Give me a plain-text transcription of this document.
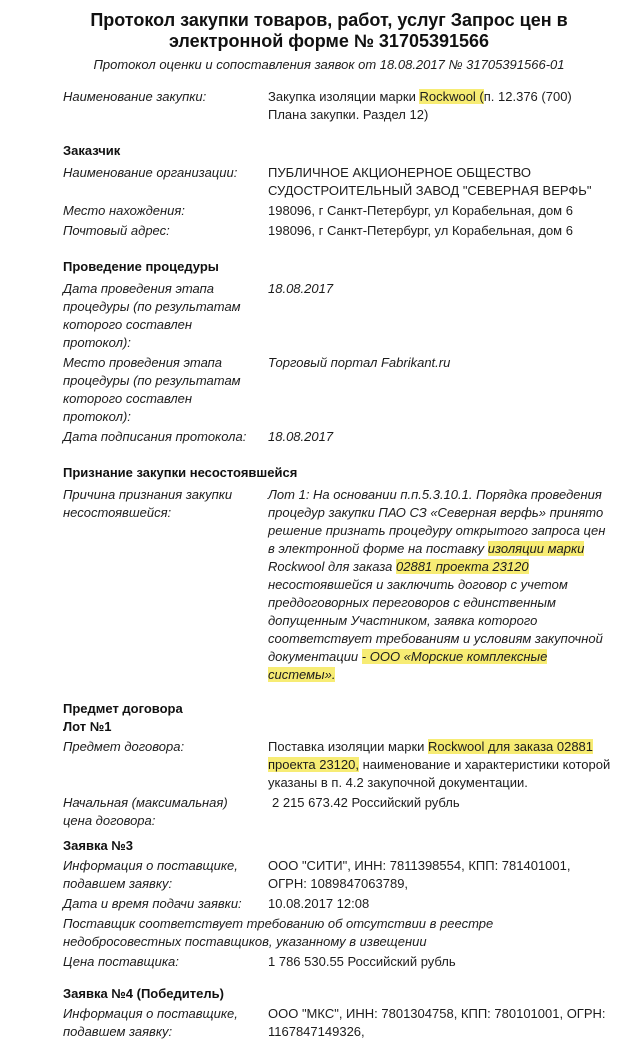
Протокол закупки товаров, работ, услуг Запрос цен в электронной форме № 31705391566
Протокол оценки и сопоставления заявок от 18.08.2017 № 31705391566-01
Наименование закупки:	Закупка изоляции марки Rockwool (п. 12.376 (700) Плана закупки. Раздел 12)
Заказчик
Наименование организации:	ПУБЛИЧНОЕ АКЦИОНЕРНОЕ ОБЩЕСТВО СУДОСТРОИТЕЛЬНЫЙ ЗАВОД "СЕВЕРНАЯ ВЕРФЬ"
Место нахождения:	198096, г Санкт-Петербург, ул Корабельная, дом 6
Почтовый адрес:	198096, г Санкт-Петербург, ул Корабельная, дом 6
Проведение процедуры
Дата проведения этапа процедуры (по результатам которого составлен протокол):
18.08.2017
Место проведения этапа процедуры (по результатам которого составлен протокол):
Торговый портал Fabrikant.ru
Дата подписания протокола:	18.08.2017
Признание закупки несостоявшейся
Причина признания закупки несостоявшейся:
Лот 1: На основании п.п.5.3.10.1. Порядка проведения процедур закупки ПАО СЗ «Северная верфь» принято решение признать процедуру открытого запроса цен в электронной форме на поставку изоляции марки Rockwool для заказа 02881 проекта 23120 несостоявшейся и заключить договор с учетом преддоговорных переговоров с единственным допущенным Участником, заявка которого соответствует требованиям и условиям закупочной документации - ООО «Морские комплексные системы».
Предмет договора
Лот №1
Предмет договора:	Поставка изоляции марки Rockwool для заказа 02881 проекта 23120, наименование и характеристики которой указаны в п. 4.2 закупочной документации.
Начальная (максимальная) цена договора:
2 215 673.42 Российский рубль
Заявка №3
Информация о поставщике, подавшем заявку:
ООО "СИТИ", ИНН: 7811398554, КПП: 781401001, ОГРН: 1089847063789,
Дата и время подачи заявки:	10.08.2017 12:08
Поставщик соответствует требованию об отсутствии в реестре недобросовестных поставщиков, указанному в извещении
Цена поставщика:	1 786 530.55 Российский рубль
Заявка №4 (Победитель)
Информация о поставщике, подавшем заявку:
ООО "МКС", ИНН: 7801304758, КПП: 780101001, ОГРН: 1167847149326,
